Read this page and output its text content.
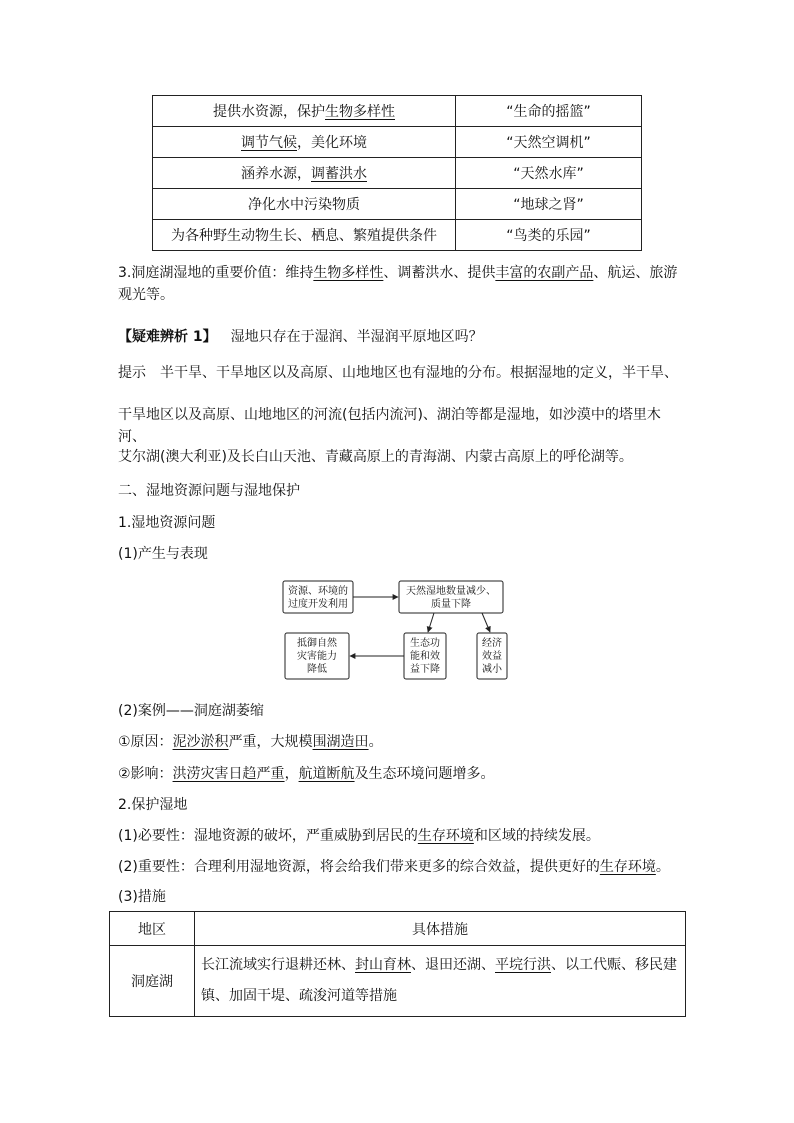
提供水资源，保护生物多样性	“生命的摇篮”
调节气候，美化环境	“天然空调机”
涵养水源，调蓄洪水	“天然水库”
净化水中污染物质	“地球之肾”
为各种野生动物生长、栖息、繁殖提供条件	“鸟类的乐园”
3.洞庭湖湿地的重要价值：维持生物多样性、调蓄洪水、提供丰富的农副产品、航运、旅游观光等。
【疑难辨析 1】 湿地只存在于湿润、半湿润平原地区吗？
提示 半干旱、干旱地区以及高原、山地地区也有湿地的分布。根据湿地的定义，半干旱、
干旱地区以及高原、山地地区的河流(包括内流河)、湖泊等都是湿地，如沙漠中的塔里木河、
艾尔湖(澳大利亚)及长白山天池、青藏高原上的青海湖、内蒙古高原上的呼伦湖等。
二、湿地资源问题与湿地保护
1.湿地资源问题
(1)产生与表现
资源、环境的
过度开发利用
天然湿地数量减少、
质量下降
生态功
能和效
益下降
经济
效益
减小
抵御自然
灾害能力
降低
(2)案例——洞庭湖萎缩
①原因：泥沙淤积严重，大规模围湖造田。
②影响：洪涝灾害日趋严重，航道断航及生态环境问题增多。
2.保护湿地
(1)必要性：湿地资源的破坏，严重威胁到居民的生存环境和区域的持续发展。
(2)重要性：合理利用湿地资源，将会给我们带来更多的综合效益，提供更好的生存环境。
(3)措施
地区	具体措施
洞庭湖	长江流域实行退耕还林、封山育林、退田还湖、平垸行洪、以工代赈、移民建镇、加固干堤、疏浚河道等措施
